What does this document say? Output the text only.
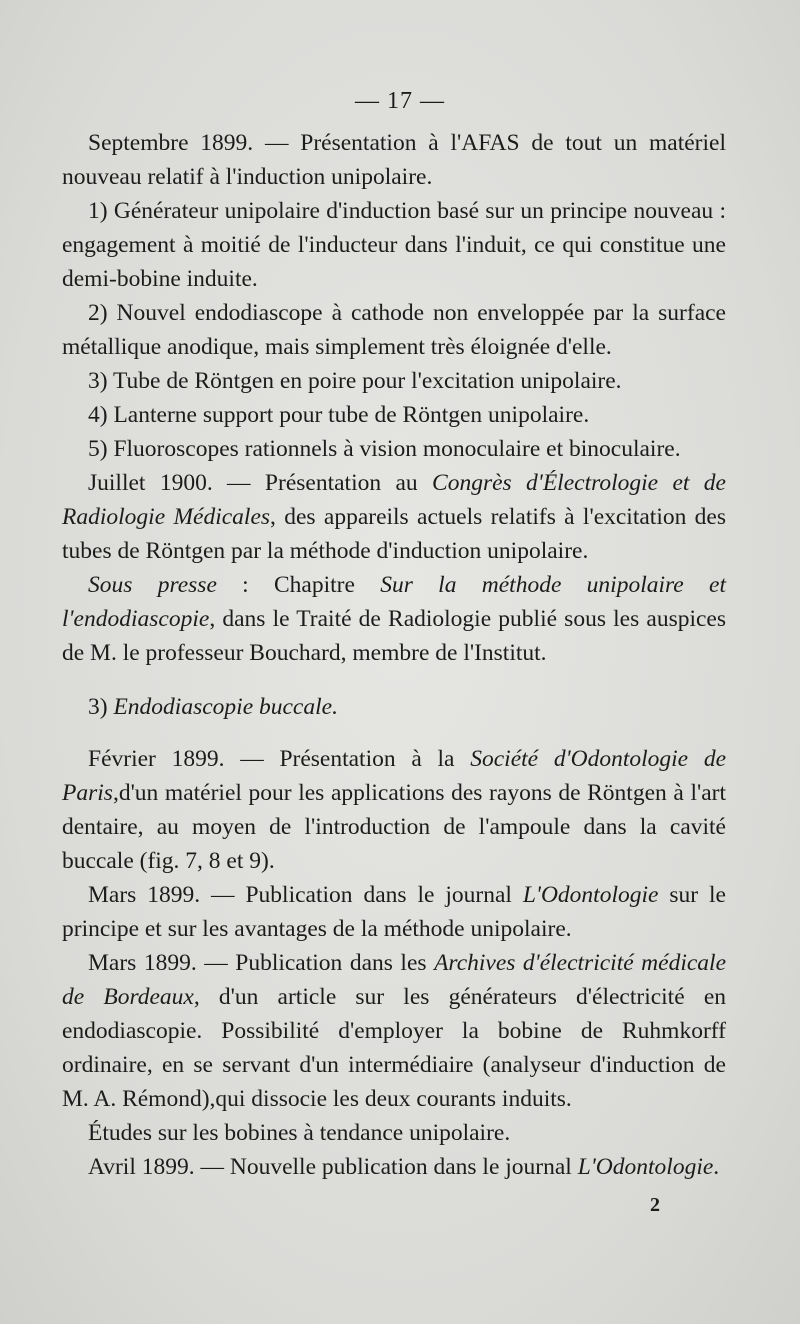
— 17 —

Septembre 1899. — Présentation à l'AFAS de tout un matériel nouveau relatif à l'induction unipolaire.

1) Générateur unipolaire d'induction basé sur un principe nouveau : engagement à moitié de l'inducteur dans l'induit, ce qui constitue une demi-bobine induite.

2) Nouvel endodiascope à cathode non enveloppée par la surface métallique anodique, mais simplement très éloignée d'elle.

3) Tube de Röntgen en poire pour l'excitation unipolaire.

4) Lanterne support pour tube de Röntgen unipolaire.

5) Fluoroscopes rationnels à vision monoculaire et binoculaire.

Juillet 1900. — Présentation au Congrès d'Électrologie et de Radiologie Médicales, des appareils actuels relatifs à l'excitation des tubes de Röntgen par la méthode d'induction unipolaire.

Sous presse : Chapitre Sur la méthode unipolaire et l'endodiascopie, dans le Traité de Radiologie publié sous les auspices de M. le professeur Bouchard, membre de l'Institut.

3) Endodiascopie buccale.

Février 1899. — Présentation à la Société d'Odontologie de Paris,d'un matériel pour les applications des rayons de Röntgen à l'art dentaire, au moyen de l'introduction de l'ampoule dans la cavité buccale (fig. 7, 8 et 9).

Mars 1899. — Publication dans le journal L'Odontologie sur le principe et sur les avantages de la méthode unipolaire.

Mars 1899. — Publication dans les Archives d'électricité médicale de Bordeaux, d'un article sur les générateurs d'électricité en endodiascopie. Possibilité d'employer la bobine de Ruhmkorff ordinaire, en se servant d'un intermédiaire (analyseur d'induction de M. A. Rémond),qui dissocie les deux courants induits.

Études sur les bobines à tendance unipolaire.

Avril 1899. — Nouvelle publication dans le journal L'Odontologie.

2
